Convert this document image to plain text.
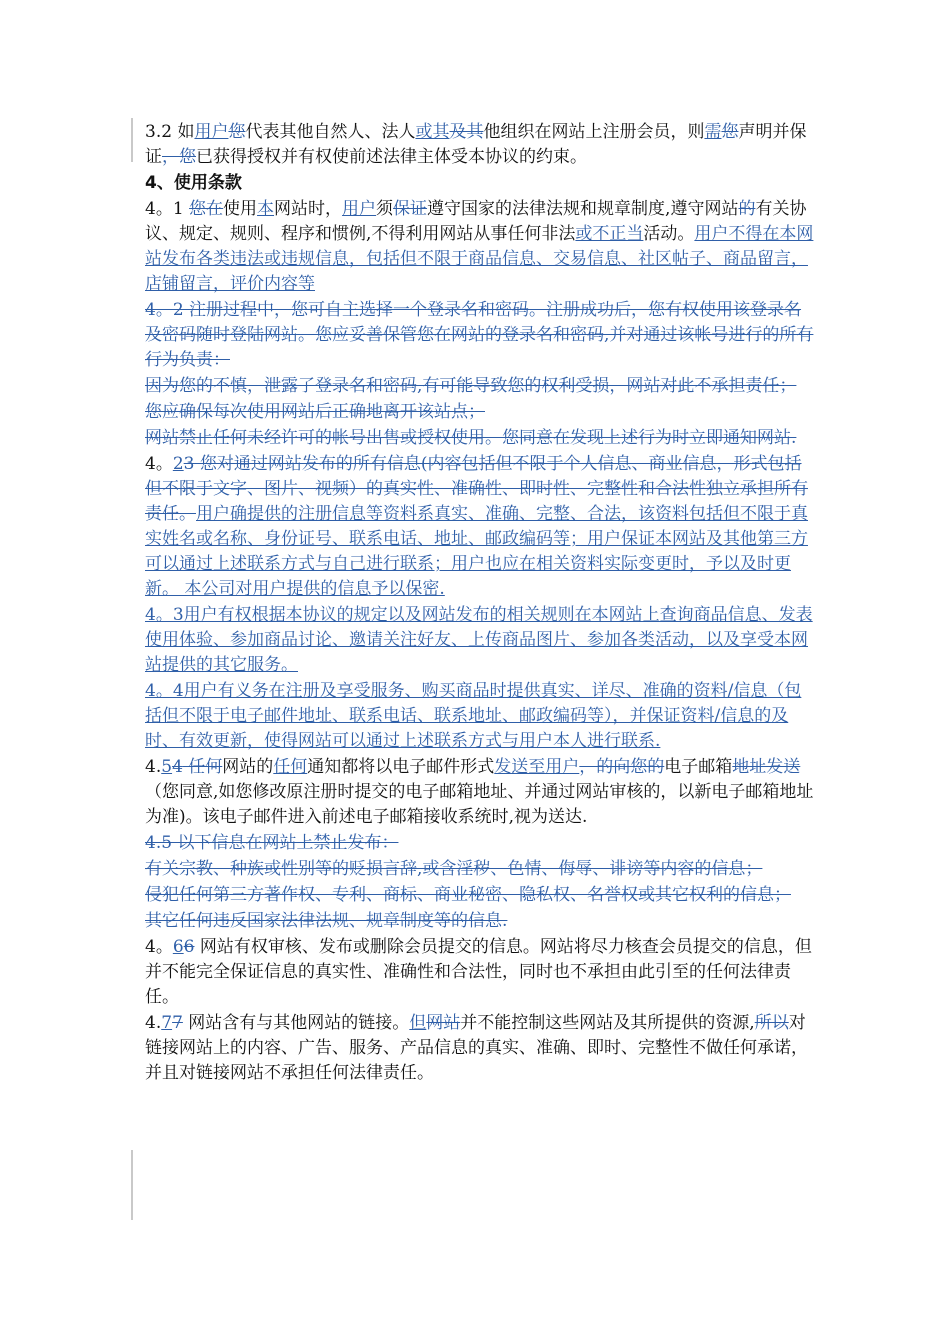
3.2 如用户您代表其他自然人、法人或其及其他组织在网站上注册会员，则需您声明并保证，您已获得授权并有权使前述法律主体受本协议的约束。

4、使用条款

4。1 您在使用本网站时，用户须保证遵守国家的法律法规和规章制度,遵守网站的有关协议、规定、规则、程序和惯例,不得利用网站从事任何非法或不正当活动。用户不得在本网站发布各类违法或违规信息，包括但不限于商品信息、交易信息、社区帖子、商品留言，店铺留言，评价内容等

4。2 注册过程中，您可自主选择一个登录名和密码。注册成功后，您有权使用该登录名及密码随时登陆网站。您应妥善保管您在网站的登录名和密码,并对通过该帐号进行的所有行为负责：

因为您的不慎，泄露了登录名和密码,有可能导致您的权利受损，网站对此不承担责任；

您应确保每次使用网站后正确地离开该站点；

网站禁止任何未经许可的帐号出售或授权使用。您同意在发现上述行为时立即通知网站.

4。23 您对通过网站发布的所有信息(内容包括但不限于个人信息、商业信息，形式包括但不限于文字、图片、视频）的真实性、准确性、即时性、完整性和合法性独立承担所有责任。用户确提供的注册信息等资料系真实、准确、完整、合法，该资料包括但不限于真实姓名或名称、身份证号、联系电话、地址、邮政编码等；用户保证本网站及其他第三方可以通过上述联系方式与自己进行联系；用户也应在相关资料实际变更时，予以及时更新。 本公司对用户提供的信息予以保密.

4。3用户有权根据本协议的规定以及网站发布的相关规则在本网站上查询商品信息、发表使用体验、参加商品讨论、邀请关注好友、上传商品图片、参加各类活动，以及享受本网站提供的其它服务。

4。4用户有义务在注册及享受服务、购买商品时提供真实、详尽、准确的资料/信息（包括但不限于电子邮件地址、联系电话、联系地址、邮政编码等），并保证资料/信息的及时、有效更新，使得网站可以通过上述联系方式与用户本人进行联系.

4.54 任何网站的任何通知都将以电子邮件形式发送至用户，的向您的电子邮箱地址发送（您同意,如您修改原注册时提交的电子邮箱地址、并通过网站审核的，以新电子邮箱地址为准)。该电子邮件进入前述电子邮箱接收系统时,视为送达.

4.5 以下信息在网站上禁止发布：

有关宗教、种族或性别等的贬损言辞,或含淫秽、色情、侮辱、诽谤等内容的信息；

侵犯任何第三方著作权、专利、商标、商业秘密、隐私权、名誉权或其它权利的信息；

其它任何违反国家法律法规、规章制度等的信息.

4。66 网站有权审核、发布或删除会员提交的信息。网站将尽力核查会员提交的信息，但并不能完全保证信息的真实性、准确性和合法性，同时也不承担由此引至的任何法律责任。

4.77 网站含有与其他网站的链接。但网站并不能控制这些网站及其所提供的资源,所以对链接网站上的内容、广告、服务、产品信息的真实、准确、即时、完整性不做任何承诺，并且对链接网站不承担任何法律责任。
